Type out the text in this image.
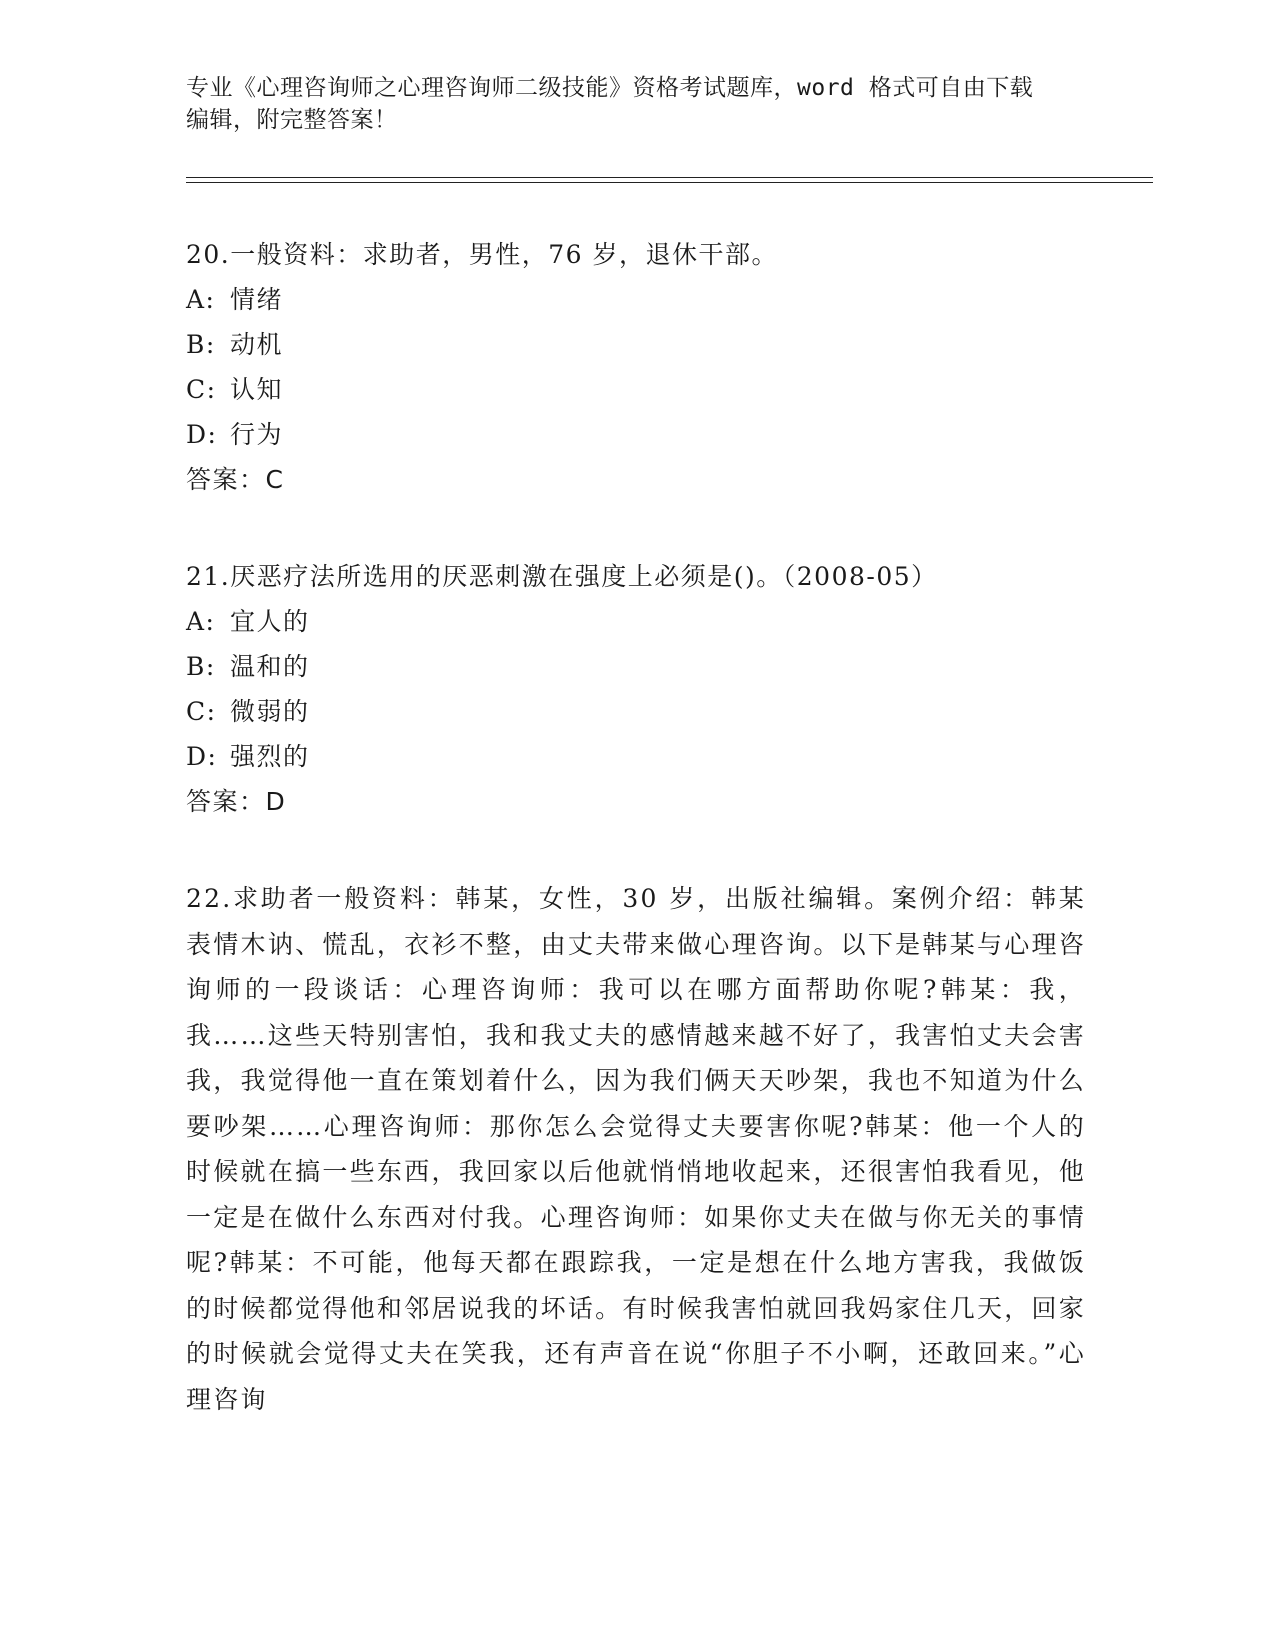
专业《心理咨询师之心理咨询师二级技能》资格考试题库，word 格式可自由下载

编辑，附完整答案！

20.一般资料：求助者，男性，76 岁，退休干部。

A: 情绪

B: 动机

C: 认知

D: 行为

答案：C

21.厌恶疗法所选用的厌恶刺激在强度上必须是()。（2008-05）

A: 宜人的

B: 温和的

C: 微弱的

D: 强烈的

答案：D

22.求助者一般资料：韩某，女性，30 岁，出版社编辑。案例介绍：韩某表情木讷、慌乱，衣衫不整，由丈夫带来做心理咨询。以下是韩某与心理咨询师的一段谈话：心理咨询师：我可以在哪方面帮助你呢?韩某：我，我……这些天特别害怕，我和我丈夫的感情越来越不好了，我害怕丈夫会害我，我觉得他一直在策划着什么，因为我们俩天天吵架，我也不知道为什么要吵架……心理咨询师：那你怎么会觉得丈夫要害你呢?韩某：他一个人的时候就在搞一些东西，我回家以后他就悄悄地收起来，还很害怕我看见，他一定是在做什么东西对付我。心理咨询师：如果你丈夫在做与你无关的事情呢?韩某：不可能，他每天都在跟踪我，一定是想在什么地方害我，我做饭的时候都觉得他和邻居说我的坏话。有时候我害怕就回我妈家住几天，回家的时候就会觉得丈夫在笑我，还有声音在说“你胆子不小啊，还敢回来。”心理咨询
